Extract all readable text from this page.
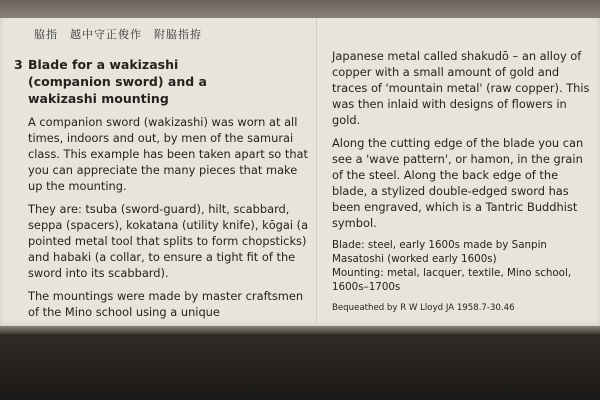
脇指　越中守正俊作　附脇指拵
3 Blade for a wakizashi (companion sword) and a wakizashi mounting

A companion sword (wakizashi) was worn at all times, indoors and out, by men of the samurai class. This example has been taken apart so that you can appreciate the many pieces that make up the mounting.

They are: tsuba (sword-guard), hilt, scabbard, seppa (spacers), kokatana (utility knife), kōgai (a pointed metal tool that splits to form chopsticks) and habaki (a collar, to ensure a tight fit of the sword into its scabbard).

The mountings were made by master craftsmen of the Mino school using a unique

Japanese metal called shakudō – an alloy of copper with a small amount of gold and traces of 'mountain metal' (raw copper). This was then inlaid with designs of flowers in gold.

Along the cutting edge of the blade you can see a 'wave pattern', or hamon, in the grain of the steel. Along the back edge of the blade, a stylized double-edged sword has been engraved, which is a Tantric Buddhist symbol.

Blade: steel, early 1600s made by Sanpin Masatoshi (worked early 1600s)
Mounting: metal, lacquer, textile, Mino school, 1600s–1700s
Bequeathed by R W Lloyd JA 1958.7-30.46
